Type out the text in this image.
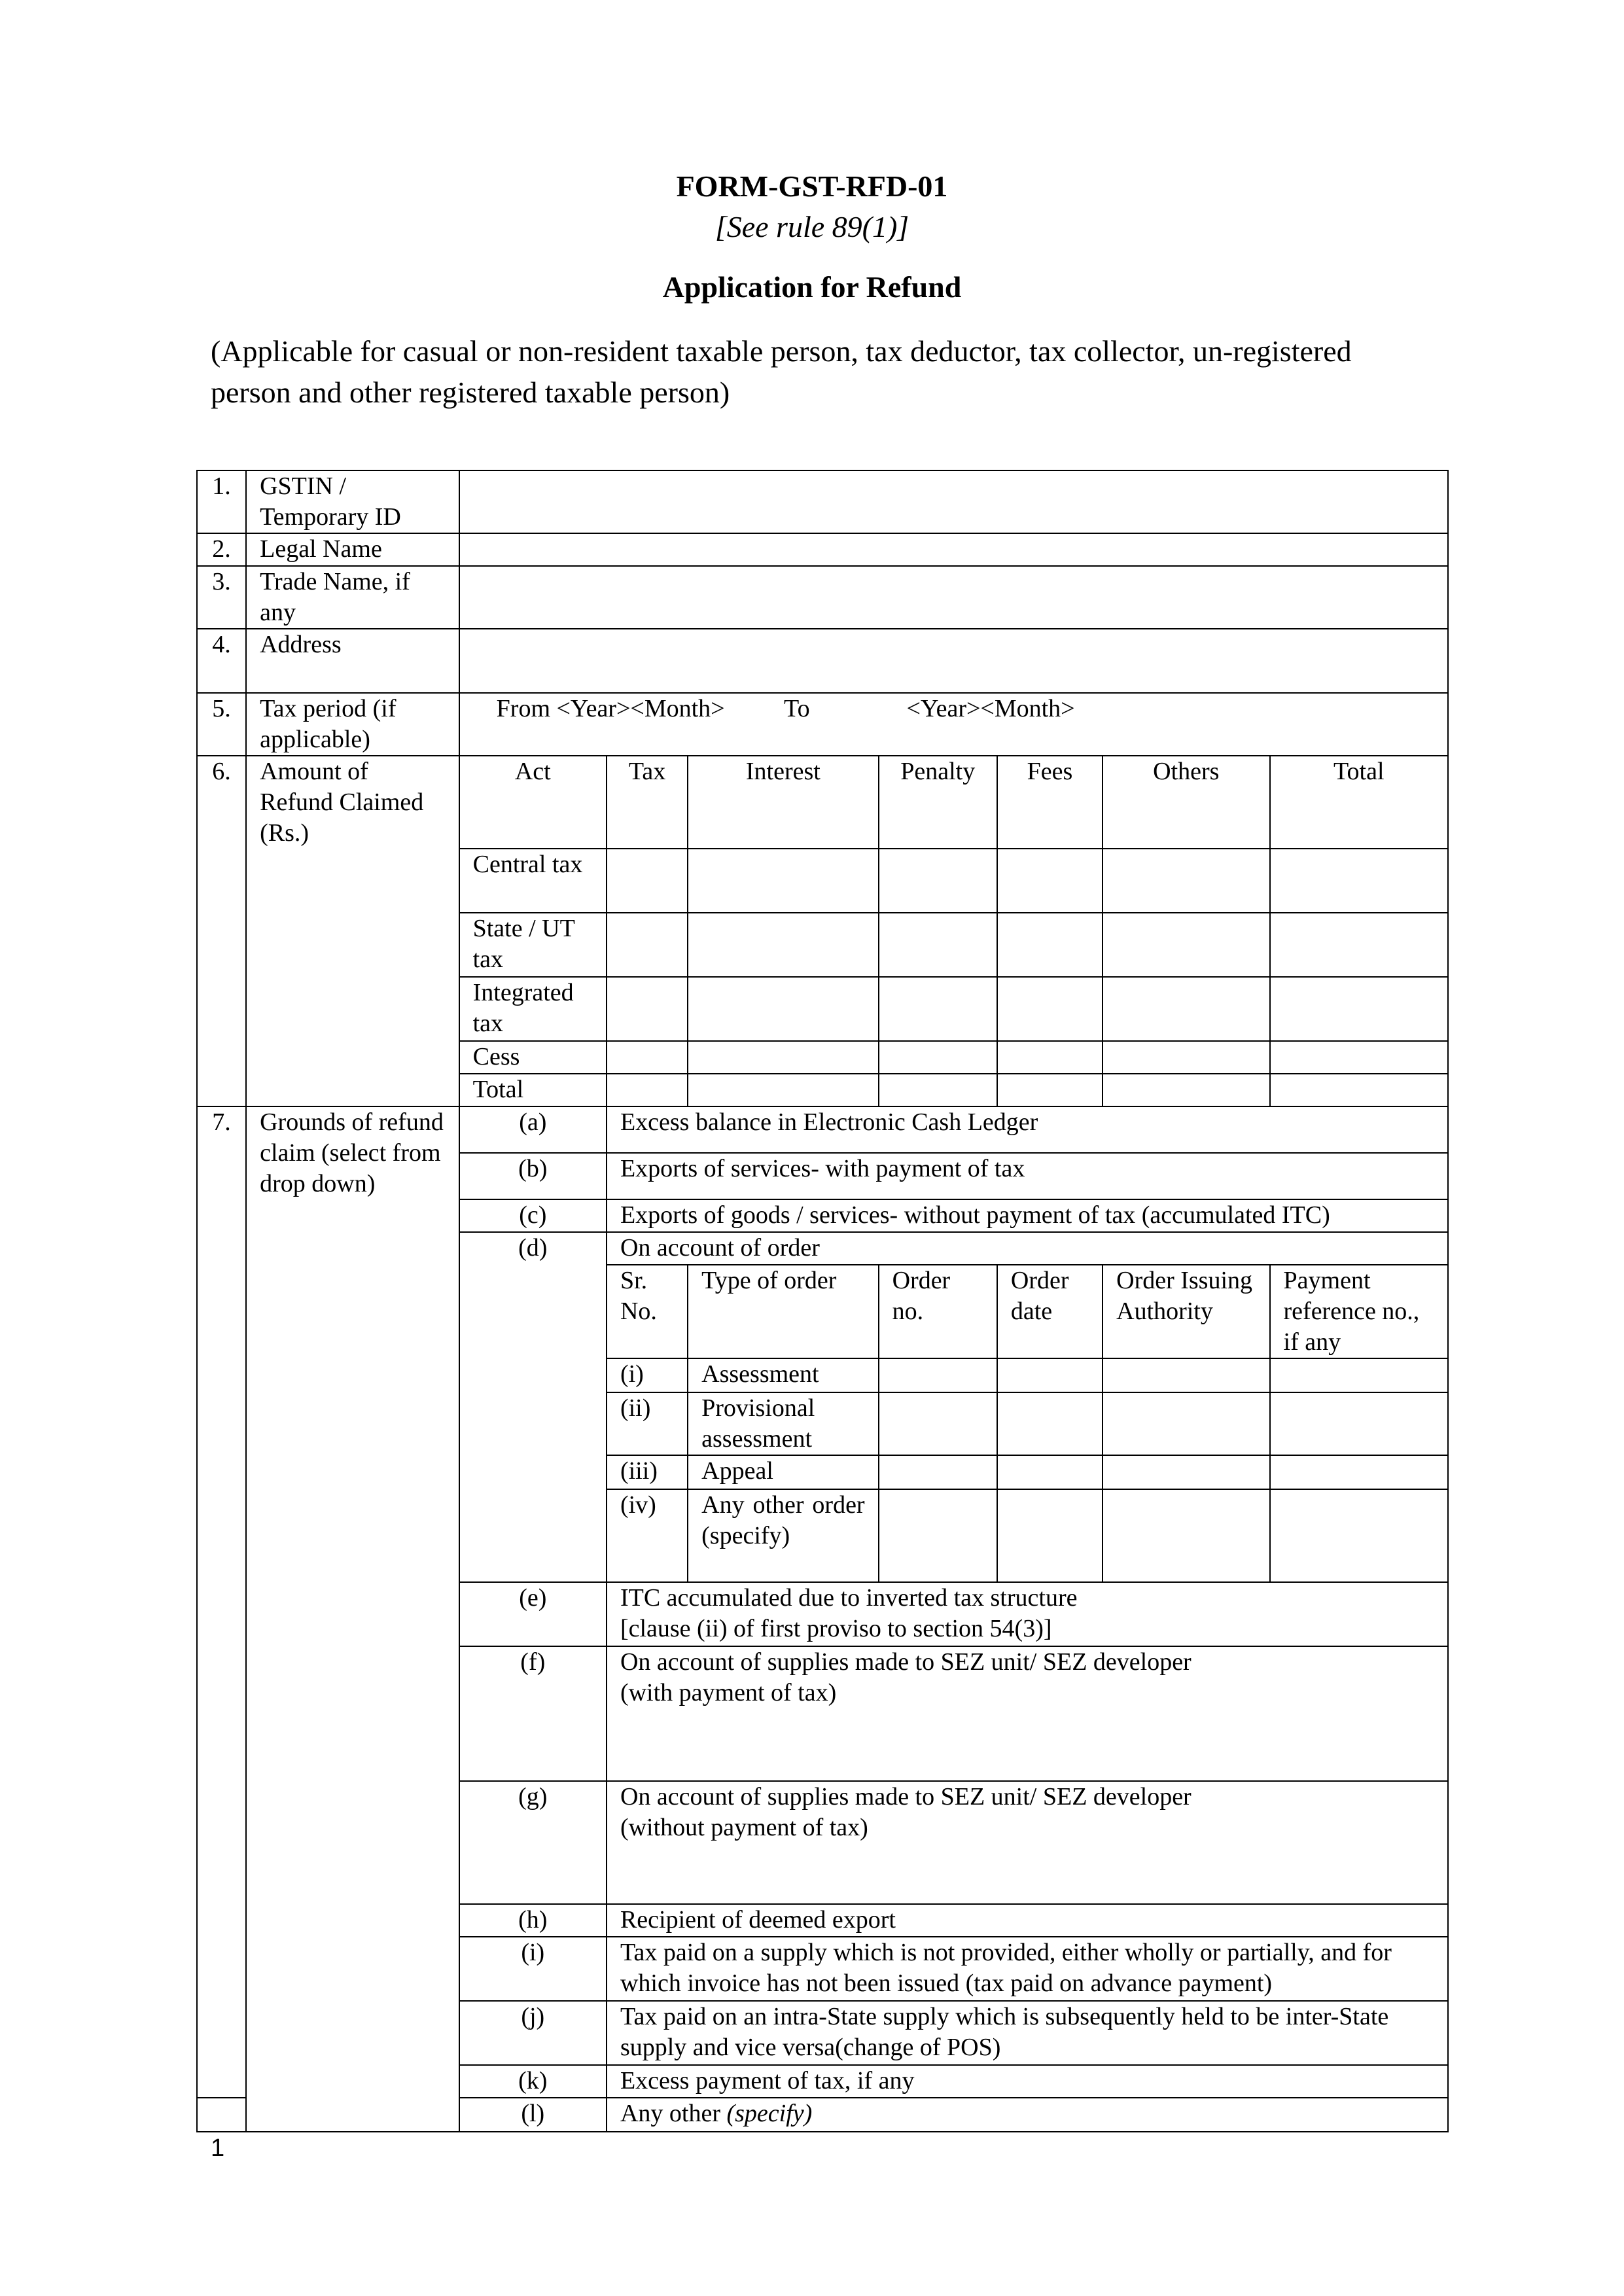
FORM-GST-RFD-01
[See rule 89(1)]
Application for Refund
(Applicable for casual or non-resident taxable person, tax deductor, tax collector, un-registered person and other registered taxable person)
1.	GSTIN / Temporary ID							
2.	Legal Name							
3.	Trade Name, if any							
4.	Address							
5.	Tax period (if applicable)	From <Year><Month> To <Year><Month>						
6.	Amount of Refund Claimed (Rs.)	Act	Tax	Interest	Penalty	Fees	Others	Total
		Central tax						
		State / UT tax						
		Integrated tax						
		Cess						
		Total						
7.	Grounds of refund claim (select from drop down)	(a)	Excess balance in Electronic Cash Ledger					
		(b)	Exports of services- with payment of tax					
		(c)	Exports of goods / services- without payment of tax (accumulated ITC)					
		(d)	On account of order					
			Sr. No.	Type of order	Order no.	Order date	Order Issuing Authority	Payment reference no., if any
			(i)	Assessment				
			(ii)	Provisional assessment				
			(iii)	Appeal				
			(iv)	Any other order (specify)				
		(e)	ITC accumulated due to inverted tax structure
[clause (ii) of first proviso to section 54(3)]					

		(f)	On account of supplies made to SEZ unit/ SEZ developer
(with payment of tax)					

		(g)	On account of supplies made to SEZ unit/ SEZ developer
(without payment of tax)					

		(h)	Recipient of deemed export					
		(i)	Tax paid on a supply which is not provided, either wholly or partially, and for which invoice has not been issued (tax paid on advance payment)					
		(j)	Tax paid on an intra-State supply which is subsequently held to be inter-State supply and vice versa(change of POS)					
		(k)	Excess payment of tax, if any					
		(l)	Any other (specify)					
1
